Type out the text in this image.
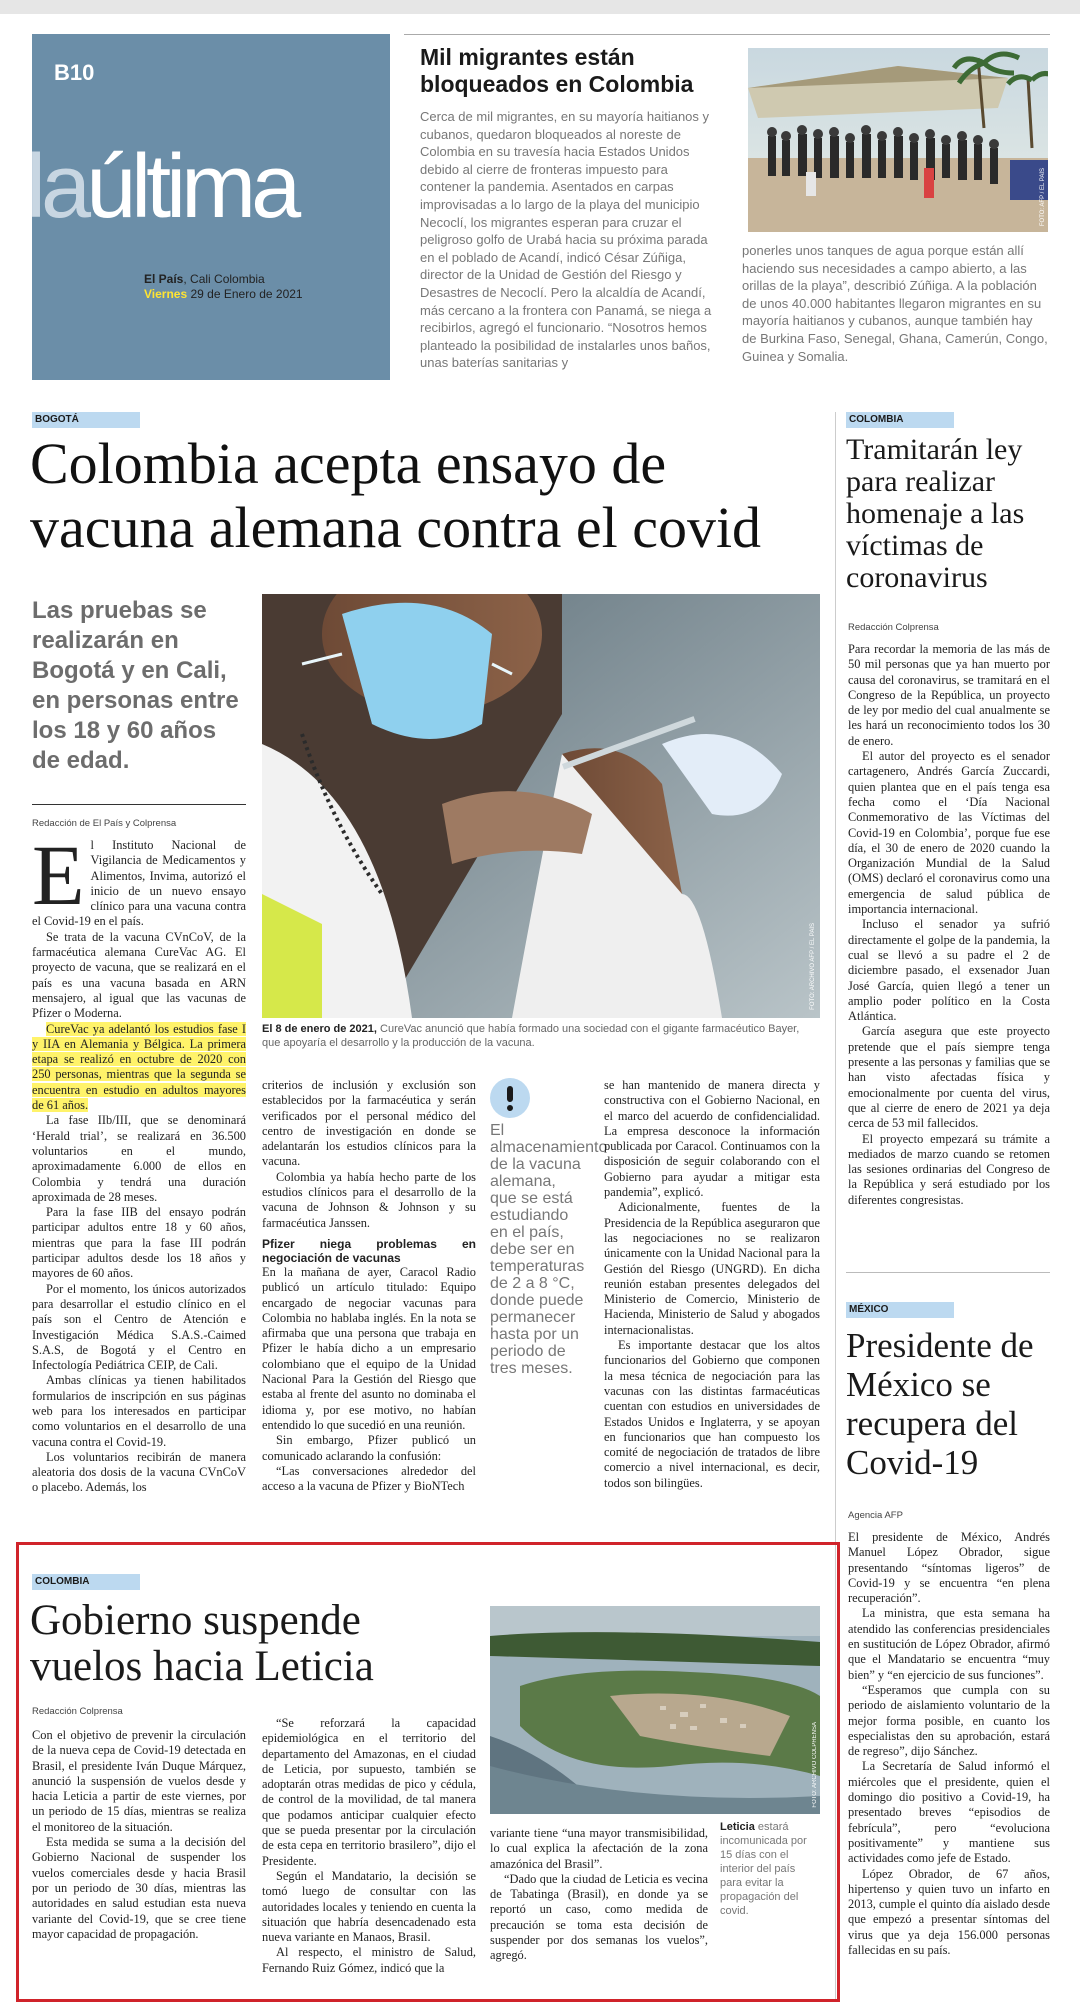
B10
laúltima
El País, Cali Colombia
Viernes 29 de Enero de 2021
Mil migrantes están bloqueados en Colombia
Cerca de mil migrantes, en su mayoría haitianos y cubanos, quedaron bloqueados al noreste de Colombia en su travesía hacia Estados Unidos debido al cierre de fronteras impuesto para contener la pandemia. Asentados en carpas improvisadas a lo largo de la playa del municipio Necoclí, los migrantes esperan para cruzar el peligroso golfo de Urabá hacia su próxima parada en el poblado de Acandí, indicó César Zúñiga, director de la Unidad de Gestión del Riesgo y Desastres de Necoclí. Pero la alcaldía de Acandí, más cercano a la frontera con Panamá, se niega a recibirlos, agregó el funcionario. “Nosotros hemos planteado la posibilidad de instalarles unos baños, unas baterías sanitarias y
FOTO: AFP / EL PAÍS
ponerles unos tanques de agua porque están allí haciendo sus necesidades a campo abierto, a las orillas de la playa”, describió Zúñiga. A la población de unos 40.000 habitantes llegaron migrantes en su mayoría haitianos y cubanos, aunque también hay de Burkina Faso, Senegal, Ghana, Camerún, Congo, Guinea y Somalia.
BOGOTÁ
Colombia acepta ensayo de vacuna alemana contra el covid
Las pruebas se realizarán en Bogotá y en Cali, en personas entre los 18 y 60 años de edad.
FOTO: ARCHIVO AFP / EL PAÍS
El 8 de enero de 2021, CureVac anunció que había formado una sociedad con el gigante farmacéutico Bayer, que apoyaría el desarrollo y la producción de la vacuna.
Redacción de El País y Colprensa
E l Instituto Nacional de Vigilancia de Medicamentos y Alimentos, Invima, autorizó el inicio de un nuevo ensayo clínico para una vacuna contra el Covid-19 en el país.

Se trata de la vacuna CVnCoV, de la farmacéutica alemana CureVac AG. El proyecto de vacuna, que se realizará en el país es una vacuna basada en ARN mensajero, al igual que las vacunas de Pfizer o Moderna.

CureVac ya adelantó los estudios fase I y IIA en Alemania y Bélgica. La primera etapa se realizó en octubre de 2020 con 250 personas, mientras que la segunda se encuentra en estudio en adultos mayores de 61 años.

La fase IIb/III, que se denominará ‘Herald trial’, se realizará en 36.500 voluntarios en el mundo, aproximadamente 6.000 de ellos en Colombia y tendrá una duración aproximada de 28 meses.

Para la fase IIB del ensayo podrán participar adultos entre 18 y 60 años, mientras que para la fase III podrán participar adultos desde los 18 años y mayores de 60 años.

Por el momento, los únicos autorizados para desarrollar el estudio clínico en el país son el Centro de Atención e Investigación Médica S.A.S.-Caimed S.A.S, de Bogotá y el Centro en Infectología Pediátrica CEIP, de Cali.

Ambas clínicas ya tienen habilitados formularios de inscripción en sus páginas web para los interesados en participar como voluntarios en el desarrollo de una vacuna contra el Covid-19.

Los voluntarios recibirán de manera aleatoria dos dosis de la vacuna CVnCoV o placebo. Además, los

criterios de inclusión y exclusión son establecidos por la farmacéutica y serán verificados por el personal médico del centro de investigación en donde se adelantarán los estudios clínicos para la vacuna.

Colombia ya había hecho parte de los estudios clínicos para el desarrollo de la vacuna de Johnson & Johnson y su farmacéutica Janssen.

Pfizer niega problemas en negociación de vacunas

En la mañana de ayer, Caracol Radio publicó un artículo titulado: Equipo encargado de negociar vacunas para Colombia no hablaba inglés. En la nota se afirmaba que una persona que trabaja en Pfizer le había dicho a un empresario colombiano que el equipo de la Unidad Nacional Para la Gestión del Riesgo que estaba al frente del asunto no dominaba el idioma y, por ese motivo, no habían entendido lo que sucedió en una reunión.

Sin embargo, Pfizer publicó un comunicado aclarando la confusión:

“Las conversaciones alrededor del acceso a la vacuna de Pfizer y BioNTech

El almacenamiento de la vacuna alemana, que se está estudiando en el país, debe ser en temperaturas de 2 a 8 °C, donde puede permanecer hasta por un periodo de tres meses.

se han mantenido de manera directa y constructiva con el Gobierno Nacional, en el marco del acuerdo de confidencialidad. La empresa desconoce la información publicada por Caracol. Continuamos con la disposición de seguir colaborando con el Gobierno para ayudar a mitigar esta pandemia”, explicó.

Adicionalmente, fuentes de la Presidencia de la República aseguraron que las negociaciones no se realizaron únicamente con la Unidad Nacional para la Gestión del Riesgo (UNGRD). En dicha reunión estaban presentes delegados del Ministerio de Comercio, Ministerio de Hacienda, Ministerio de Salud y abogados internacionalistas.

Es importante destacar que los altos funcionarios del Gobierno que componen la mesa técnica de negociación para las vacunas con las distintas farmacéuticas cuentan con estudios en universidades de Estados Unidos e Inglaterra, y se apoyan en funcionarios que han compuesto los comité de negociación de tratados de libre comercio a nivel internacional, es decir, todos son bilingües.

COLOMBIA
Tramitarán ley para realizar homenaje a las víctimas de coronavirus
Redacción Colprensa

Para recordar la memoria de las más de 50 mil personas que ya han muerto por causa del coronavirus, se tramitará en el Congreso de la República, un proyecto de ley por medio del cual anualmente se les hará un reconocimiento todos los 30 de enero.

El autor del proyecto es el senador cartagenero, Andrés García Zuccardi, quien plantea que en el país tenga esa fecha como el ‘Día Nacional Conmemorativo de las Víctimas del Covid-19 en Colombia’, porque fue ese día, el 30 de enero de 2020 cuando la Organización Mundial de la Salud (OMS) declaró el coronavirus como una emergencia de salud pública de importancia internacional.

Incluso el senador ya sufrió directamente el golpe de la pandemia, la cual se llevó a su padre el 2 de diciembre pasado, el exsenador Juan José García, quien llegó a tener un amplio poder político en la Costa Atlántica.

García asegura que este proyecto pretende que el país siempre tenga presente a las personas y familias que se han visto afectadas física y emocionalmente por cuenta del virus, que al cierre de enero de 2021 ya deja cerca de 53 mil fallecidos.

El proyecto empezará su trámite a mediados de marzo cuando se retomen las sesiones ordinarias del Congreso de la República y será estudiado por los diferentes congresistas.

MÉXICO
Presidente de México se recupera del Covid-19
Agencia AFP

El presidente de México, Andrés Manuel López Obrador, sigue presentando “síntomas ligeros” de Covid-19 y se encuentra “en plena recuperación”.

La ministra, que esta semana ha atendido las conferencias presidenciales en sustitución de López Obrador, afirmó que el Mandatario se encuentra “muy bien” y “en ejercicio de sus funciones”.

“Esperamos que cumpla con su periodo de aislamiento voluntario de la mejor forma posible, en cuanto los especialistas den su aprobación, estará de regreso”, dijo Sánchez.

La Secretaría de Salud informó el miércoles que el presidente, quien el domingo dio positivo a Covid-19, ha presentado breves “episodios de febrícula”, pero “evoluciona positivamente” y mantiene sus actividades como jefe de Estado.

López Obrador, de 67 años, hipertenso y quien tuvo un infarto en 2013, cumple el quinto día aislado desde que empezó a presentar síntomas del virus que ya deja 156.000 personas fallecidas en su país.

COLOMBIA
Gobierno suspende vuelos hacia Leticia
Redacción Colprensa

Con el objetivo de prevenir la circulación de la nueva cepa de Covid-19 detectada en Brasil, el presidente Iván Duque Márquez, anunció la suspensión de vuelos desde y hacia Leticia a partir de este viernes, por un periodo de 15 días, mientras se realiza el monitoreo de la situación.

Esta medida se suma a la decisión del Gobierno Nacional de suspender los vuelos comerciales desde y hacia Brasil por un periodo de 30 días, mientras las autoridades en salud estudian esta nueva variante del Covid-19, que se cree tiene mayor capacidad de propagación.

“Se reforzará la capacidad epidemiológica en el territorio del departamento del Amazonas, en el ciudad de Leticia, por supuesto, también se adoptarán otras medidas de pico y cédula, de control de la movilidad, de tal manera que podamos anticipar cualquier efecto que se pueda presentar por la circulación de esta cepa en territorio brasilero”, dijo el Presidente.

Según el Mandatario, la decisión se tomó luego de consultar con las autoridades locales y teniendo en cuenta la situación que habría desencadenado esta nueva variante en Manaos, Brasil.

Al respecto, el ministro de Salud, Fernando Ruiz Gómez, indicó que la

FOTO: ARCHIVO COLPRENSA

variante tiene “una mayor transmisibilidad, lo cual explica la afectación de la zona amazónica del Brasil”.

“Dado que la ciudad de Leticia es vecina de Tabatinga (Brasil), en donde ya se reportó un caso, como medida de precaución se toma esta decisión de suspender por dos semanas los vuelos”, agregó.

Leticia estará incomunicada por 15 días con el interior del país para evitar la propagación del covid.
